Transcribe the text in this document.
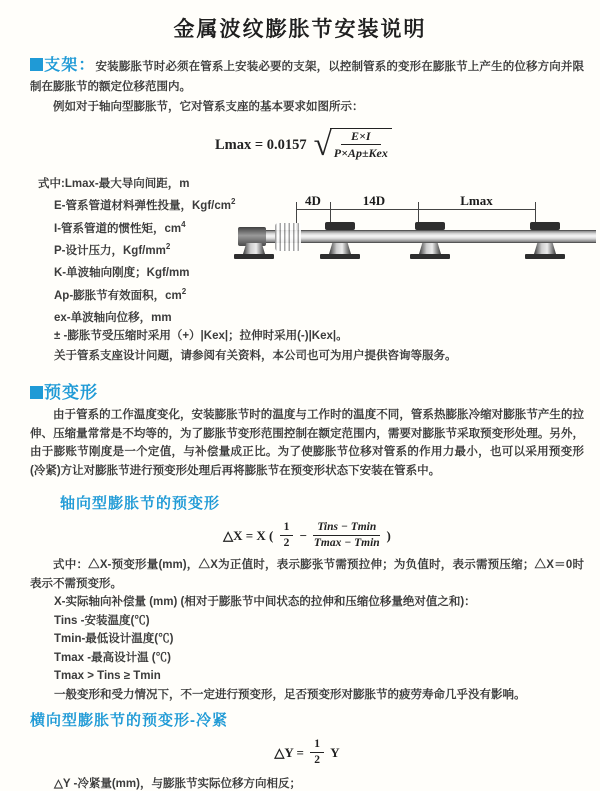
金属波纹膨胀节安装说明

支架：安装膨胀节时必须在管系上安装必要的支架，以控制管系的变形在膨胀节上产生的位移方向并限制在膨胀节的额定位移范围内。

例如对于轴向型膨胀节，它对管系支座的基本要求如图所示：

Lmax = 0.0157 √	E×I
P×Ap±Kex
式中:Lmax-最大导向间距，m
E-管系管道材料弹性投量，Kgf/$cm^2$
I-管系管道的惯性矩，$cm^4$
P-设计压力，Kgf/$mm^2$
K-单波轴向刚度；Kgf/mm
Ap-膨胀节有效面积，$cm^2$
ex-单波轴向位移，mm
± -膨胀节受压缩时采用（+）|Kex|；拉伸时采用(-)|Kex|。
关于管系支座设计问题，请参阅有关资料，本公司也可为用户提供咨询等服务。
预变形

由于管系的工作温度变化，安装膨胀节时的温度与工作时的温度不同，管系热膨胀冷缩对膨胀节产生的拉伸、压缩量常常是不均等的，为了膨胀节变形范围控制在额定范围内，需要对膨胀节采取预变形处理。另外，由于膨账节刚度是一个定值，与补偿量成正比。为了使膨胀节位移对管系的作用力最小，也可以采用预变形(冷紧)方让对膨胀节进行预变形处理后再将膨胀节在预变形状态下安装在管系中。

轴向型膨胀节的预变形
△X = X ( $\frac{1}{2} - \frac{\text{Tins − Tmin}}{Tmax - Tmin}$ )

式中：△X-预变形量(mm)，△X为正值时，表示膨张节需预拉伸；为负值时，表示需预压缩；△X＝0时表示不需预变形。

X-实际轴向补偿量 (mm) (相对于膨胀节中间状态的拉伸和压缩位移量绝对值之和)：
Tins -安装温度(℃)
Tmin-最低设计温度(℃)
Tmax -最高设计温 (℃)
Tmax > Tins ≥ Tmin
一般变形和受力情况下，不一定进行预变形，足否预变形对膨胀节的疲劳寿命几乎没有影响。
横向型膨胀节的预变形-冷紧
△Y = $\frac{1}{2}$ Y
△Y -冷紧量(mm)，与膨胀节实际位移方向相反；
4D	14D	Lmax
